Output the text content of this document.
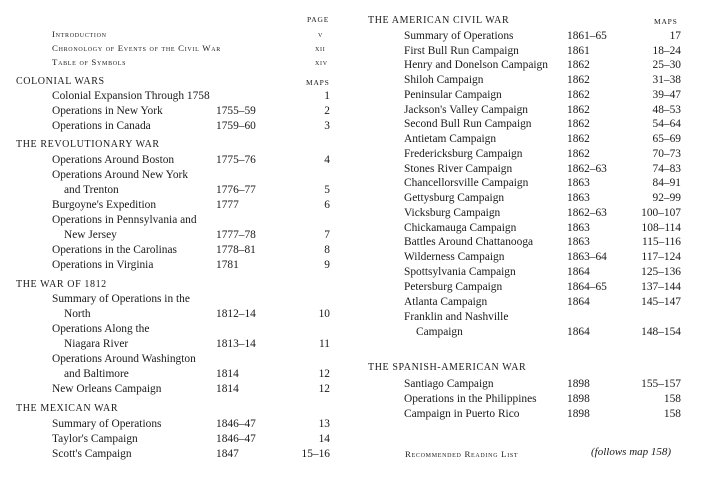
PAGE
Introduction	v
Chronology of Events of the Civil War	xii
Table of Symbols	xiv
COLONIAL WARS	MAPS
Colonial Expansion Through 1758	1
Operations in New York	1755–59	2
Operations in Canada	1759–60	3
THE REVOLUTIONARY WAR
Operations Around Boston	1775–76	4
Operations Around New York
and Trenton	1776–77	5
Burgoyne's Expedition	1777	6
Operations in Pennsylvania and
New Jersey	1777–78	7
Operations in the Carolinas	1778–81	8
Operations in Virginia	1781	9
THE WAR OF 1812
Summary of Operations in the
North	1812–14	10
Operations Along the
Niagara River	1813–14	11
Operations Around Washington
and Baltimore	1814	12
New Orleans Campaign	1814	12
THE MEXICAN WAR
Summary of Operations	1846–47	13
Taylor's Campaign	1846–47	14
Scott's Campaign	1847	15–16
THE AMERICAN CIVIL WAR	MAPS
Summary of Operations	1861–65	17
First Bull Run Campaign	1861	18–24
Henry and Donelson Campaign 1862	25–30
Shiloh Campaign	1862	31–38
Peninsular Campaign	1862	39–47
Jackson's Valley Campaign	1862	48–53
Second Bull Run Campaign	1862	54–64
Antietam Campaign	1862	65–69
Fredericksburg Campaign	1862	70–73
Stones River Campaign	1862–63	74–83
Chancellorsville Campaign	1863	84–91
Gettysburg Campaign	1863	92–99
Vicksburg Campaign	1862–63	100–107
Chickamauga Campaign	1863	108–114
Battles Around Chattanooga	1863	115–116
Wilderness Campaign	1863–64	117–124
Spottsylvania Campaign	1864	125–136
Petersburg Campaign	1864–65	137–144
Atlanta Campaign	1864	145–147
Franklin and Nashville
Campaign	1864	148–154
THE SPANISH-AMERICAN WAR
Santiago Campaign	1898	155–157
Operations in the Philippines	1898	158
Campaign in Puerto Rico	1898	158
Recommended Reading List	(follows map 158)
